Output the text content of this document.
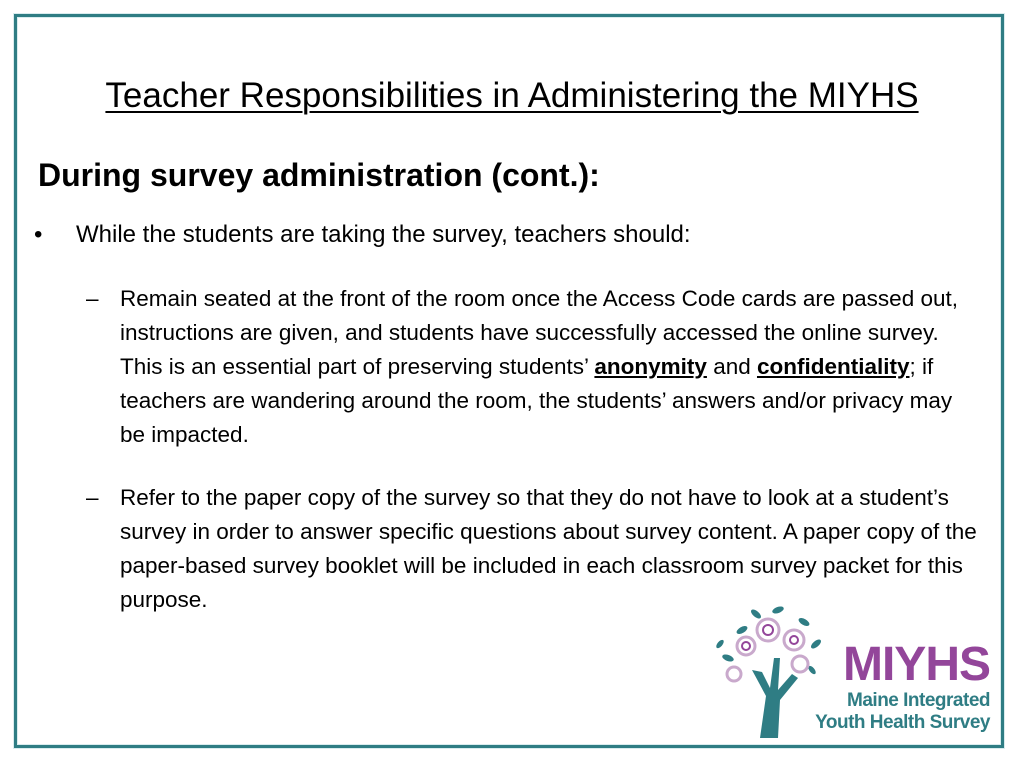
Teacher Responsibilities in Administering the MIYHS
During survey administration (cont.):
•	While the students are taking the survey, teachers should:
– Remain seated at the front of the room once the Access Code cards are passed out, instructions are given, and students have successfully accessed the online survey. This is an essential part of preserving students’ anonymity and confidentiality; if teachers are wandering around the room, the students’ answers and/or privacy may be impacted.
– Refer to the paper copy of the survey so that they do not have to look at a student’s survey in order to answer specific questions about survey content. A paper copy of the paper-based survey booklet will be included in each classroom survey packet for this purpose.
MIYHS
Maine Integrated
Youth Health Survey
